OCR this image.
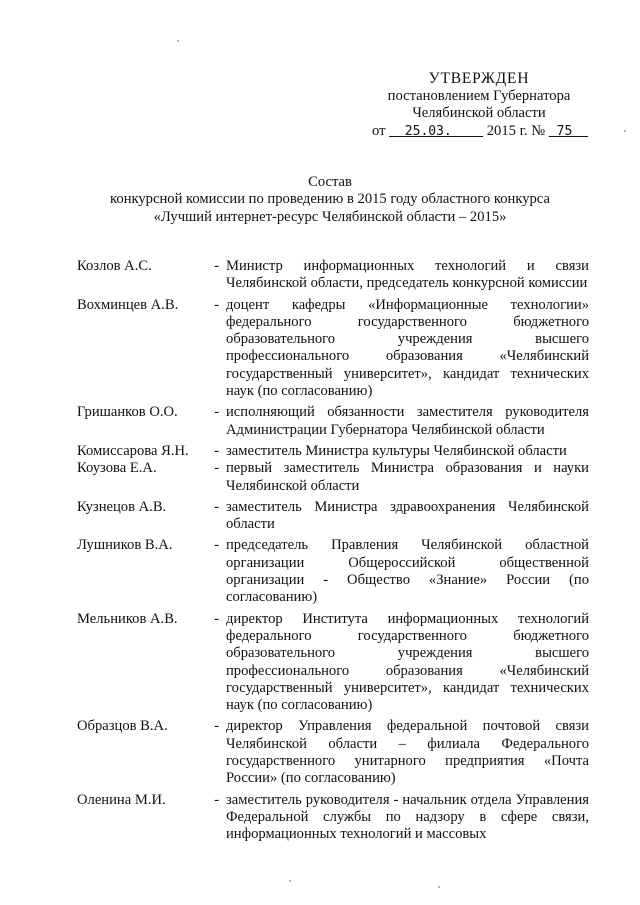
УТВЕРЖДЕН
постановлением Губернатора
Челябинской области
от 25.03. 2015 г. № 75
Состав
конкурсной комиссии по проведению в 2015 году областного конкурса
«Лучший интернет-ресурс Челябинской области – 2015»
Козлов А.С.	- Министр информационных технологий и связи Челябинской области, председатель конкурсной комиссии
Вохминцев А.В.	- доцент кафедры «Информационные технологии» федерального государственного бюджетного образовательного учреждения высшего профессионального образования «Челябинский государственный университет», кандидат технических наук (по согласованию)
Гришанков О.О.	- исполняющий обязанности заместителя руководителя Администрации Губернатора Челябинской области
Комиссарова Я.Н.	- заместитель Министра культуры Челябинской области
Коузова Е.А.	- первый заместитель Министра образования и науки Челябинской области
Кузнецов А.В.	- заместитель Министра здравоохранения Челябинской области
Лушников В.А.	- председатель Правления Челябинской областной организации Общероссийской общественной организации - Общество «Знание» России (по согласованию)
Мельников А.В.	- директор Института информационных технологий федерального государственного бюджетного образовательного учреждения высшего профессионального образования «Челябинский государственный университет», кандидат технических наук (по согласованию)
Образцов В.А.	- директор Управления федеральной почтовой связи Челябинской области – филиала Федерального государственного унитарного предприятия «Почта России» (по согласованию)
Оленина М.И.	- заместитель руководителя - начальник отдела Управления Федеральной службы по надзору в сфере связи, информационных технологий и массовых
